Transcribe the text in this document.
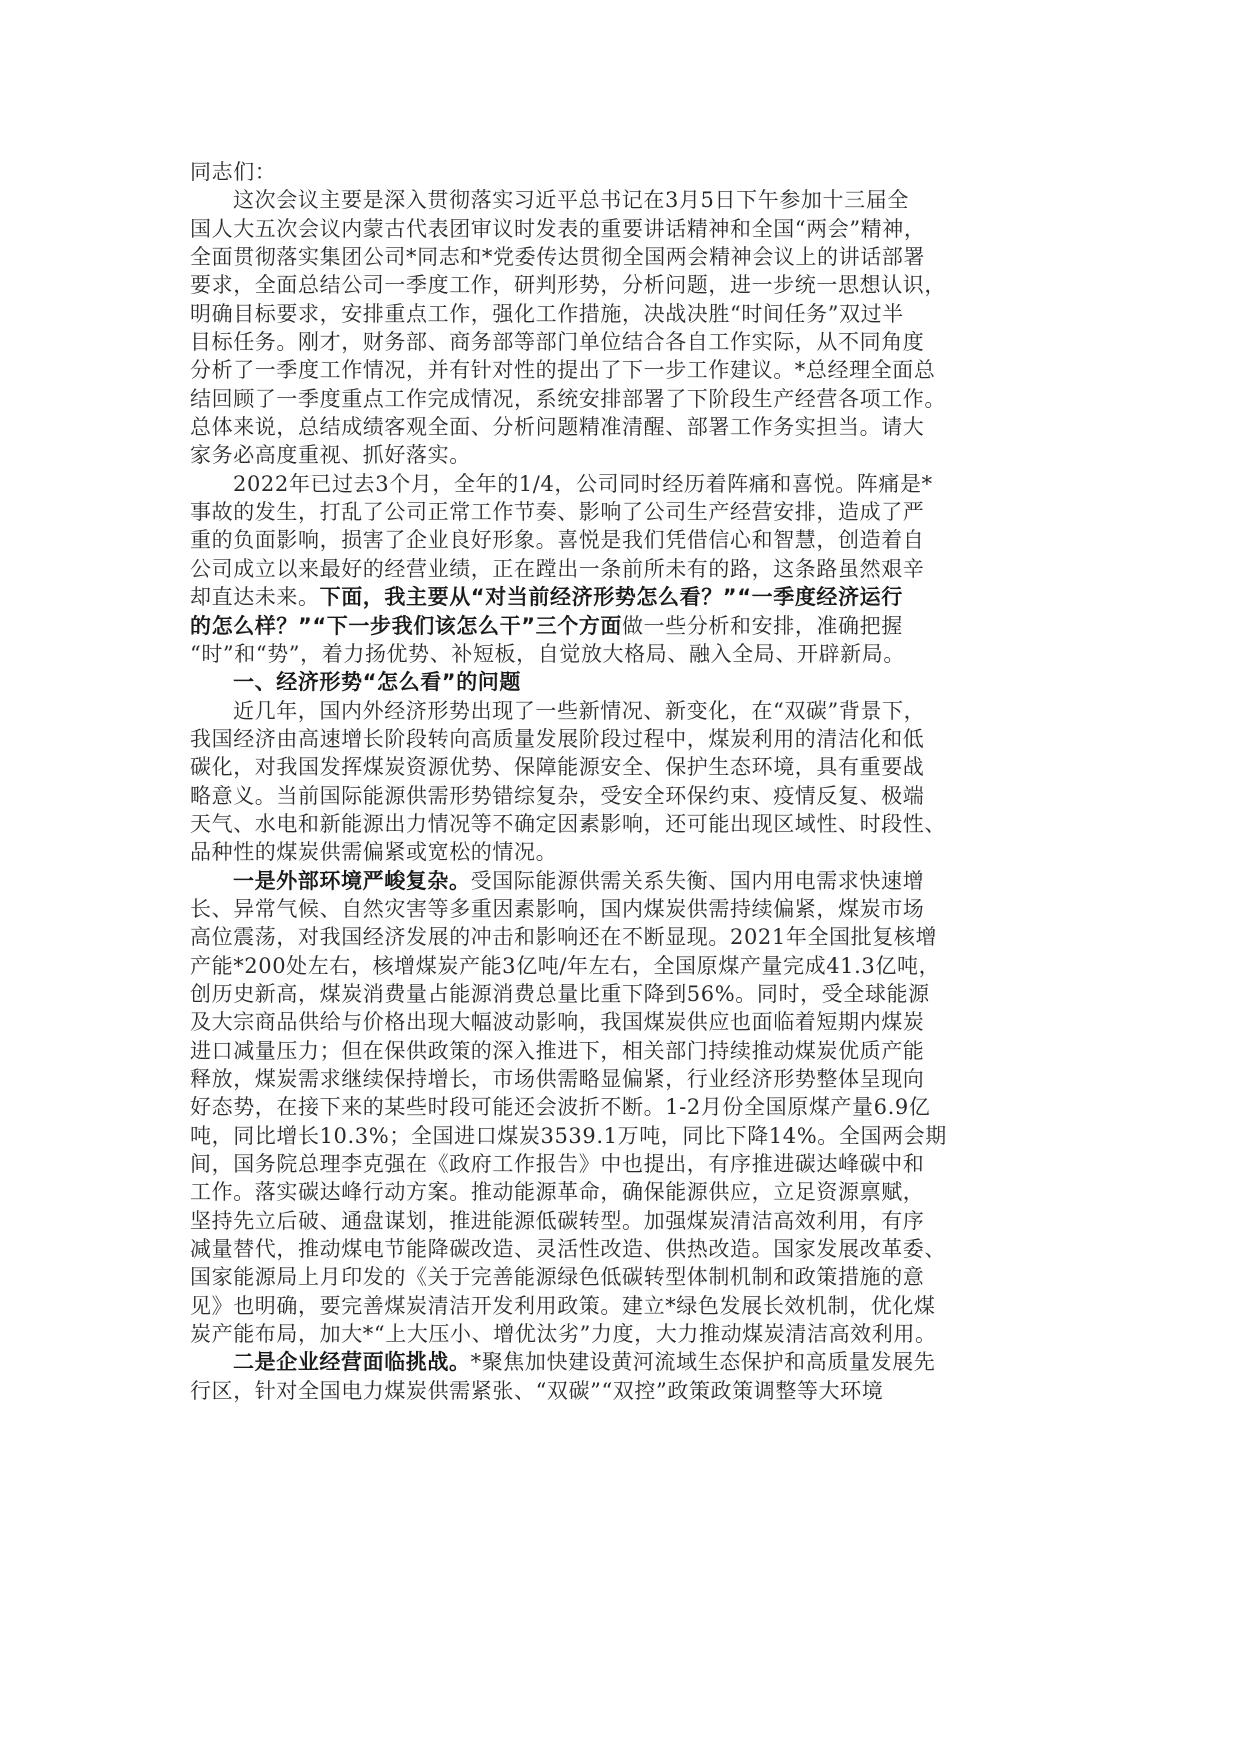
同志们：
这次会议主要是深入贯彻落实习近平总书记在3月5日下午参加十三届全
国人大五次会议内蒙古代表团审议时发表的重要讲话精神和全国“两会”精神，
全面贯彻落实集团公司*同志和*党委传达贯彻全国两会精神会议上的讲话部署
要求，全面总结公司一季度工作，研判形势，分析问题，进一步统一思想认识，
明确目标要求，安排重点工作，强化工作措施，决战决胜“时间任务”双过半
目标任务。刚才，财务部、商务部等部门单位结合各自工作实际，从不同角度
分析了一季度工作情况，并有针对性的提出了下一步工作建议。*总经理全面总
结回顾了一季度重点工作完成情况，系统安排部署了下阶段生产经营各项工作。
总体来说，总结成绩客观全面、分析问题精准清醒、部署工作务实担当。请大
家务必高度重视、抓好落实。
2022年已过去3个月，全年的1/4，公司同时经历着阵痛和喜悦。阵痛是*
事故的发生，打乱了公司正常工作节奏、影响了公司生产经营安排，造成了严
重的负面影响，损害了企业良好形象。喜悦是我们凭借信心和智慧，创造着自
公司成立以来最好的经营业绩，正在蹚出一条前所未有的路，这条路虽然艰辛
却直达未来。下面，我主要从“对当前经济形势怎么看？”“一季度经济运行
的怎么样？”“下一步我们该怎么干”三个方面做一些分析和安排，准确把握
“时”和“势”，着力扬优势、补短板，自觉放大格局、融入全局、开辟新局。
一、经济形势“怎么看”的问题
近几年，国内外经济形势出现了一些新情况、新变化，在“双碳”背景下，
我国经济由高速增长阶段转向高质量发展阶段过程中，煤炭利用的清洁化和低
碳化，对我国发挥煤炭资源优势、保障能源安全、保护生态环境，具有重要战
略意义。当前国际能源供需形势错综复杂，受安全环保约束、疫情反复、极端
天气、水电和新能源出力情况等不确定因素影响，还可能出现区域性、时段性、
品种性的煤炭供需偏紧或宽松的情况。
一是外部环境严峻复杂。受国际能源供需关系失衡、国内用电需求快速增
长、异常气候、自然灾害等多重因素影响，国内煤炭供需持续偏紧，煤炭市场
高位震荡，对我国经济发展的冲击和影响还在不断显现。2021年全国批复核增
产能*200处左右，核增煤炭产能3亿吨/年左右，全国原煤产量完成41.3亿吨，
创历史新高，煤炭消费量占能源消费总量比重下降到56%。同时，受全球能源
及大宗商品供给与价格出现大幅波动影响，我国煤炭供应也面临着短期内煤炭
进口减量压力；但在保供政策的深入推进下，相关部门持续推动煤炭优质产能
释放，煤炭需求继续保持增长，市场供需略显偏紧，行业经济形势整体呈现向
好态势，在接下来的某些时段可能还会波折不断。1-2月份全国原煤产量6.9亿
吨，同比增长10.3%；全国进口煤炭3539.1万吨，同比下降14%。全国两会期
间，国务院总理李克强在《政府工作报告》中也提出，有序推进碳达峰碳中和
工作。落实碳达峰行动方案。推动能源革命，确保能源供应，立足资源禀赋，
坚持先立后破、通盘谋划，推进能源低碳转型。加强煤炭清洁高效利用，有序
减量替代，推动煤电节能降碳改造、灵活性改造、供热改造。国家发展改革委、
国家能源局上月印发的《关于完善能源绿色低碳转型体制机制和政策措施的意
见》也明确，要完善煤炭清洁开发利用政策。建立*绿色发展长效机制，优化煤
炭产能布局，加大*“上大压小、增优汰劣”力度，大力推动煤炭清洁高效利用。
二是企业经营面临挑战。*聚焦加快建设黄河流域生态保护和高质量发展先
行区，针对全国电力煤炭供需紧张、“双碳”“双控”政策政策调整等大环境
